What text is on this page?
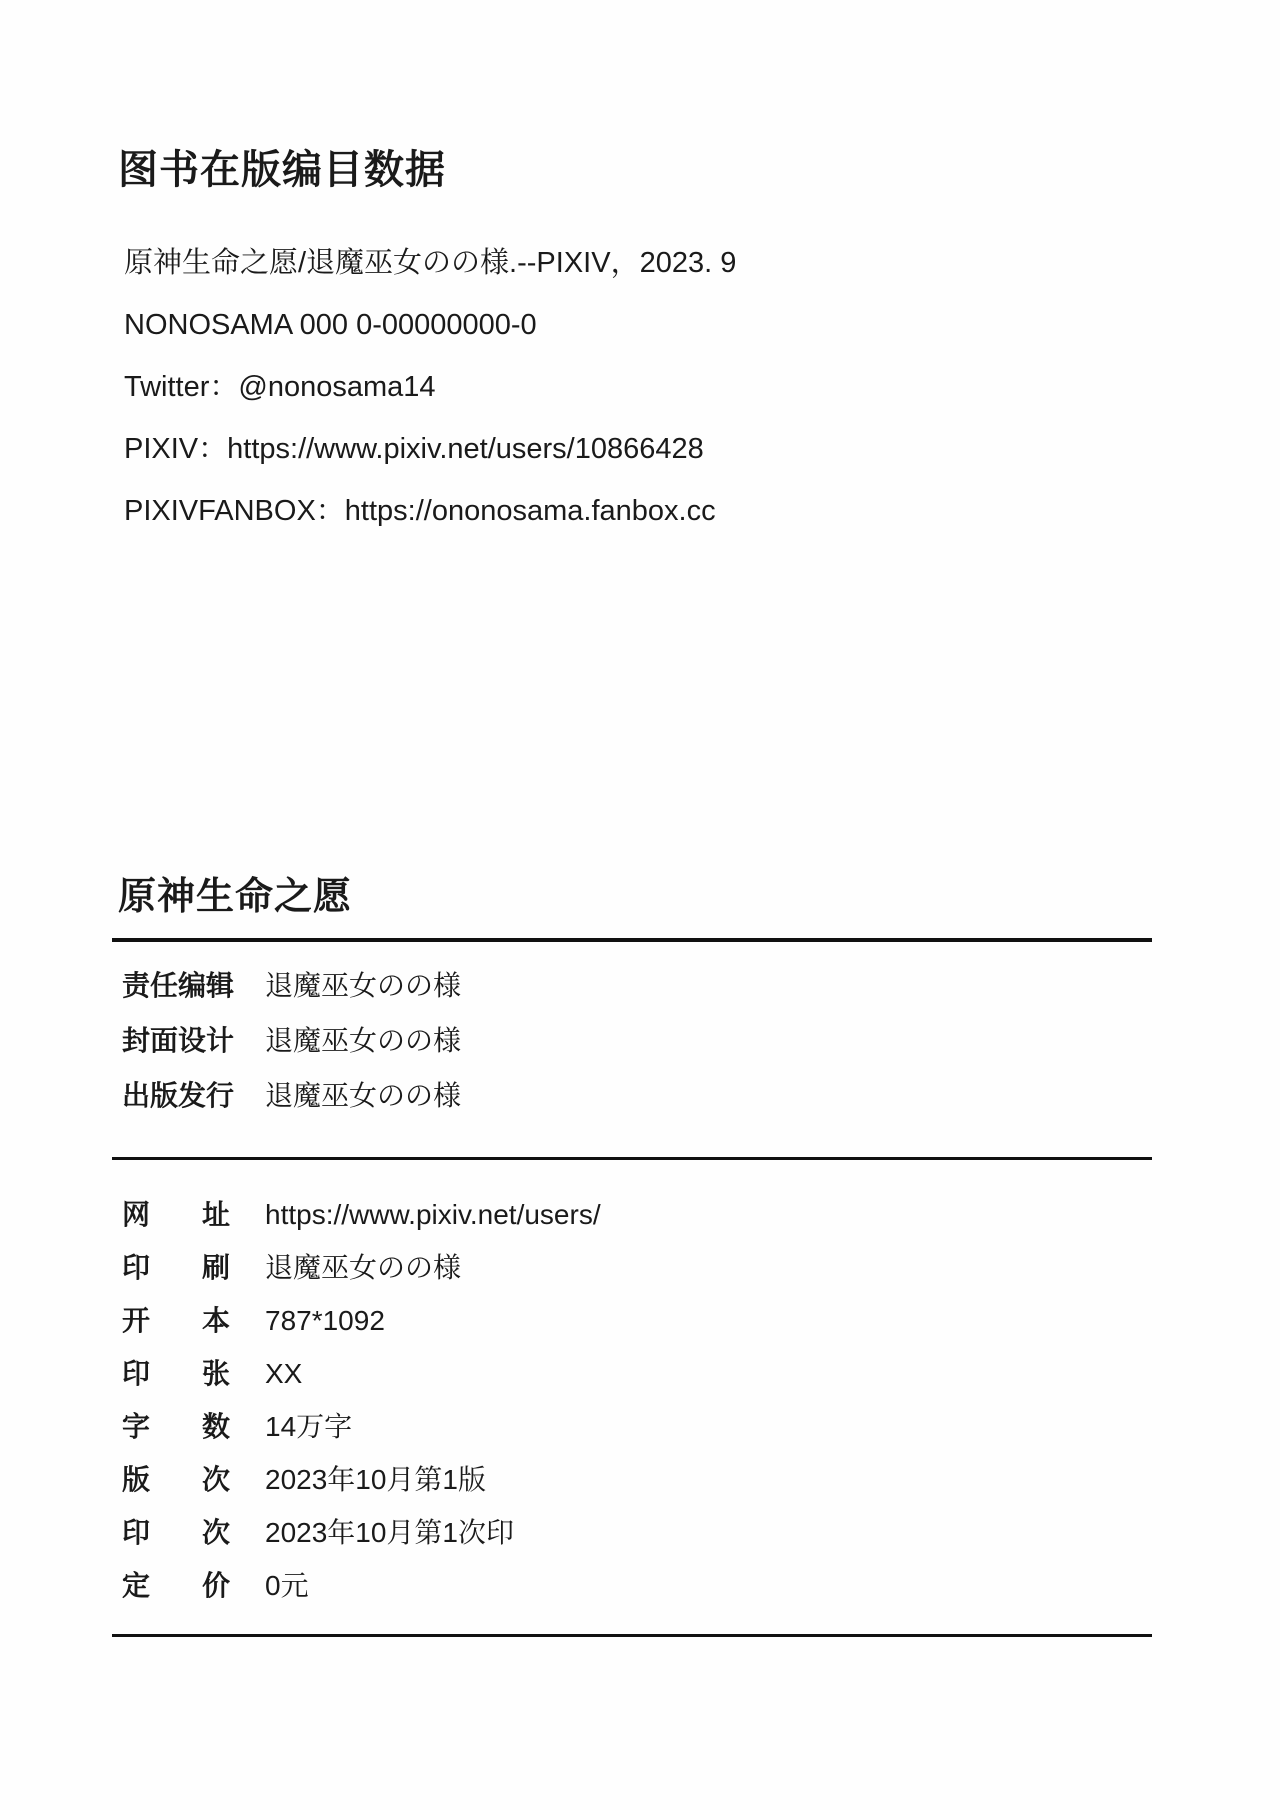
图书在版编目数据

原神生命之愿/退魔巫女のの様.--PIXIV，2023. 9

NONOSAMA 000 0-00000000-0

Twitter：@nonosama14

PIXIV：https://www.pixiv.net/users/10866428

PIXIVFANBOX：https://ononosama.fanbox.cc

原神生命之愿
责任编辑 退魔巫女のの様
封面设计 退魔巫女のの様
出版发行 退魔巫女のの様
网 址 https://www.pixiv.net/users/
印 刷 退魔巫女のの様
开 本 787*1092
印 张 XX
字 数 14万字
版 次 2023年10月第1版
印 次 2023年10月第1次印
定 价 0元
